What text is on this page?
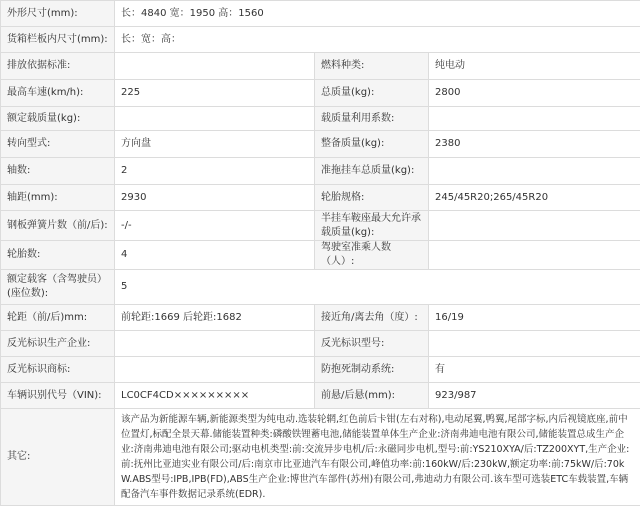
外形尺寸(mm):	长：4840 宽：1950 高：1560		
货箱栏板内尺寸(mm):	长：宽：高：		
排放依据标准:		燃料种类:	纯电动
最高车速(km/h):	225	总质量(kg):	2800
额定载质量(kg):		载质量利用系数:	
转向型式:	方向盘	整备质量(kg):	2380
轴数:	2	准拖挂车总质量(kg):	
轴距(mm):	2930	轮胎规格:	245/45R20;265/45R20
钢板弹簧片数（前/后):	-/-	半挂车鞍座最大允许承载质量(kg):	
轮胎数:	4	驾驶室准乘人数（人）:	
额定载客（含驾驶员）(座位数):	5		
轮距（前/后)mm:	前轮距:1669 后轮距:1682	接近角/离去角（度）:	16/19
反光标识生产企业:		反光标识型号:	
反光标识商标:		防抱死制动系统:	有
车辆识别代号（VIN):	LC0CF4CD×××××××××	前悬/后悬(mm):	923/987
其它:	该产品为新能源车辆,新能源类型为纯电动.选装轮辋,红色前后卡钳(左右对称),电动尾翼,鸭翼,尾部字标,内后视镜底座,前中位置灯,标配全景天幕.储能装置种类:磷酸铁锂蓄电池,储能装置单体生产企业:济南弗迪电池有限公司,储能装置总成生产企业:济南弗迪电池有限公司;驱动电机类型:前:交流异步电机/后:永磁同步电机,型号:前:YS210XYA/后:TZ200XYT,生产企业:前:抚州比亚迪实业有限公司/后:南京市比亚迪汽车有限公司,峰值功率:前:160kW/后:230kW,额定功率:前:75kW/后:70kW.ABS型号:IPB,IPB(FD),ABS生产企业:博世汽车部件(苏州)有限公司,弗迪动力有限公司.该车型可选装ETC车载装置,车辆配备汽车事件数据记录系统(EDR).		
